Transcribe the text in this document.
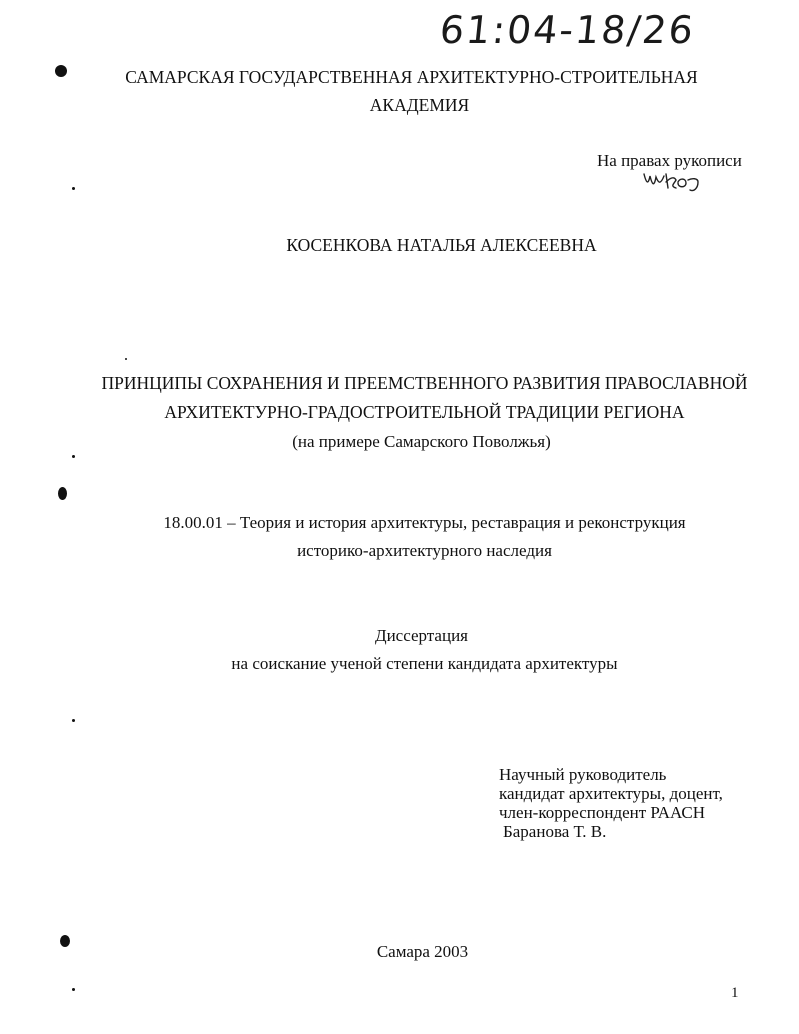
61:04-18/26
САМАРСКАЯ ГОСУДАРСТВЕННАЯ АРХИТЕКТУРНО-СТРОИТЕЛЬНАЯ
АКАДЕМИЯ
На правах рукописи
КОСЕНКОВА НАТАЛЬЯ АЛЕКСЕЕВНА
ПРИНЦИПЫ СОХРАНЕНИЯ И ПРЕЕМСТВЕННОГО РАЗВИТИЯ ПРАВОСЛАВНОЙ
АРХИТЕКТУРНО-ГРАДОСТРОИТЕЛЬНОЙ ТРАДИЦИИ РЕГИОНА
(на примере Самарского Поволжья)
18.00.01 – Теория и история архитектуры, реставрация и реконструкция
историко-архитектурного наследия
Диссертация
на соискание ученой степени кандидата архитектуры
Научный руководитель
кандидат архитектуры, доцент,
член-корреспондент РААСН
Баранова Т. В.
Самара 2003
1
